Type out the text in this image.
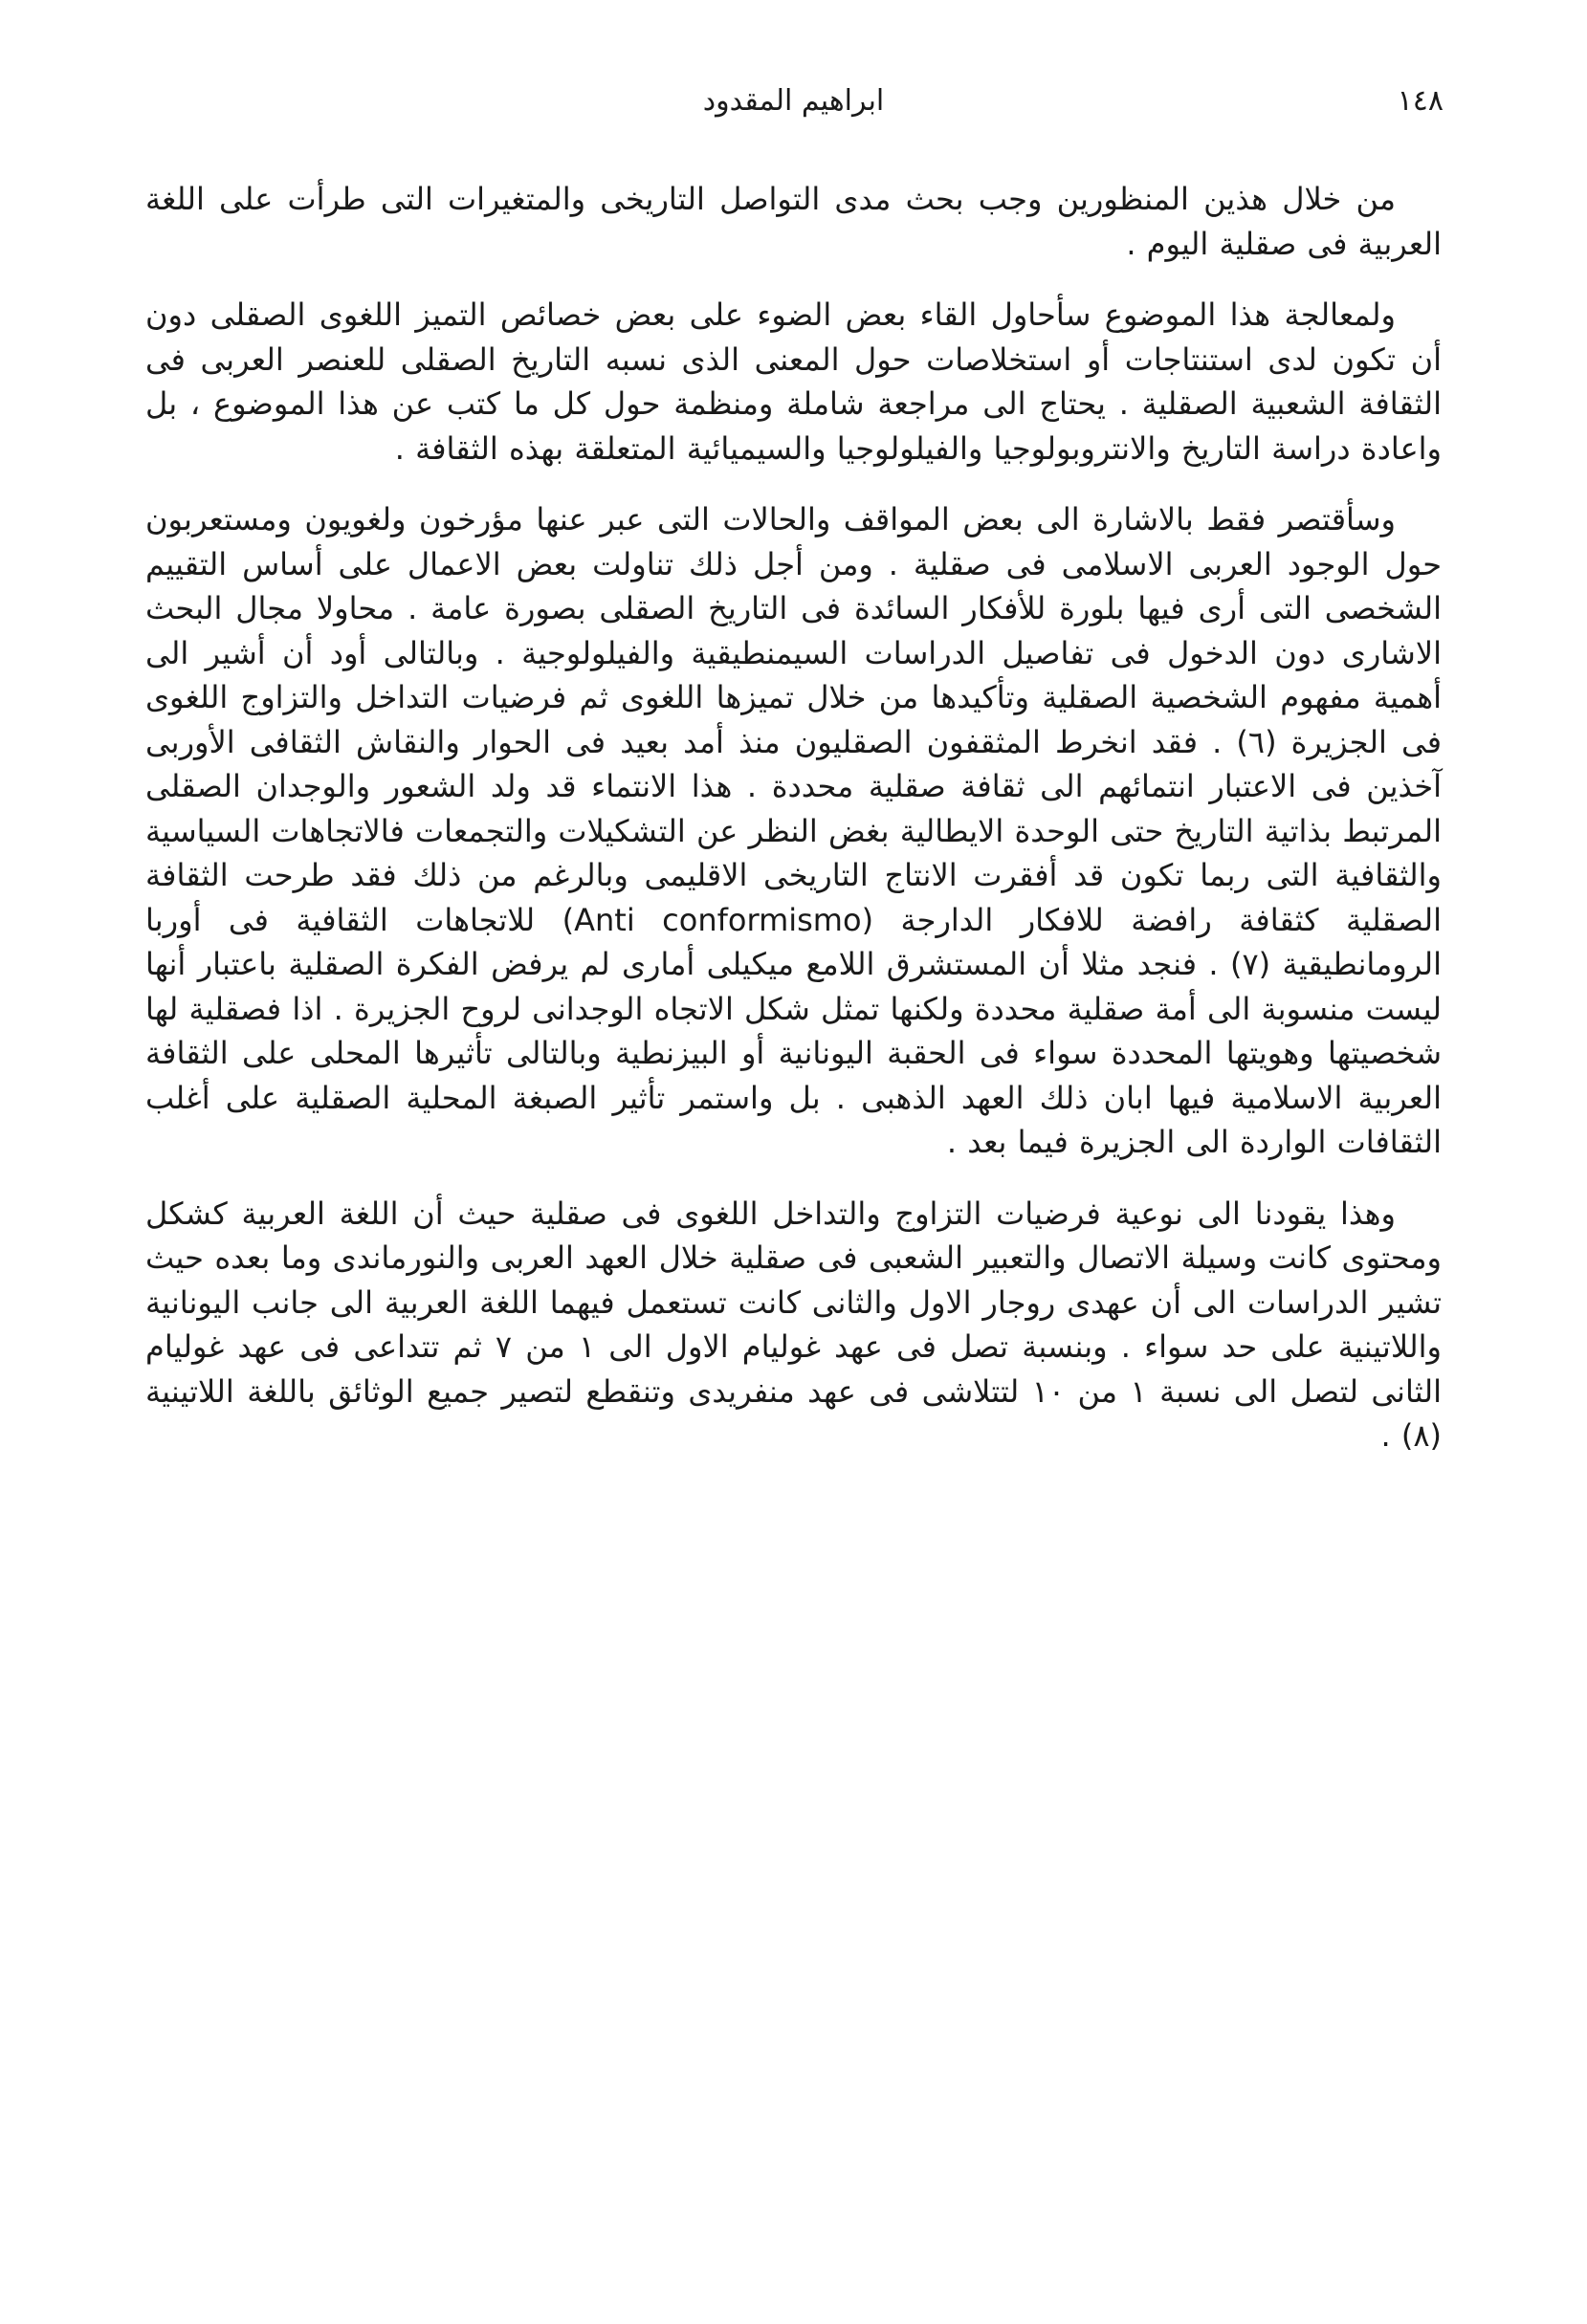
١٤٨
ابراهيم المقدود

من خلال هذين المنظورين وجب بحث مدى التواصل التاريخى والمتغيرات التى طرأت على اللغة العربية فى صقلية اليوم .

ولمعالجة هذا الموضوع سأحاول القاء بعض الضوء على بعض خصائص التميز اللغوى الصقلى دون أن تكون لدى استنتاجات أو استخلاصات حول المعنى الذى نسبه التاريخ الصقلى للعنصر العربى فى الثقافة الشعبية الصقلية . يحتاج الى مراجعة شاملة ومنظمة حول كل ما كتب عن هذا الموضوع ، بل واعادة دراسة التاريخ والانتروبولوجيا والفيلولوجيا والسيميائية المتعلقة بهذه الثقافة .

وسأقتصر فقط بالاشارة الى بعض المواقف والحالات التى عبر عنها مؤرخون ولغويون ومستعربون حول الوجود العربى الاسلامى فى صقلية . ومن أجل ذلك تناولت بعض الاعمال على أساس التقييم الشخصى التى أرى فيها بلورة للأفكار السائدة فى التاريخ الصقلى بصورة عامة . محاولا مجال البحث الاشارى دون الدخول فى تفاصيل الدراسات السيمنطيقية والفيلولوجية . وبالتالى أود أن أشير الى أهمية مفهوم الشخصية الصقلية وتأكيدها من خلال تميزها اللغوى ثم فرضيات التداخل والتزاوج اللغوى فى الجزيرة (٦) . فقد انخرط المثقفون الصقليون منذ أمد بعيد فى الحوار والنقاش الثقافى الأوربى آخذين فى الاعتبار انتمائهم الى ثقافة صقلية محددة . هذا الانتماء قد ولد الشعور والوجدان الصقلى المرتبط بذاتية التاريخ حتى الوحدة الايطالية بغض النظر عن التشكيلات والتجمعات فالاتجاهات السياسية والثقافية التى ربما تكون قد أفقرت الانتاج التاريخى الاقليمى وبالرغم من ذلك فقد طرحت الثقافة الصقلية كثقافة رافضة للافكار الدارجة (Anti conformismo) للاتجاهات الثقافية فى أوربا الرومانطيقية (٧) . فنجد مثلا أن المستشرق اللامع ميكيلى أمارى لم يرفض الفكرة الصقلية باعتبار أنها ليست منسوبة الى أمة صقلية محددة ولكنها تمثل شكل الاتجاه الوجدانى لروح الجزيرة . اذا فصقلية لها شخصيتها وهويتها المحددة سواء فى الحقبة اليونانية أو البيزنطية وبالتالى تأثيرها المحلى على الثقافة العربية الاسلامية فيها ابان ذلك العهد الذهبى . بل واستمر تأثير الصبغة المحلية الصقلية على أغلب الثقافات الواردة الى الجزيرة فيما بعد .

وهذا يقودنا الى نوعية فرضيات التزاوج والتداخل اللغوى فى صقلية حيث أن اللغة العربية كشكل ومحتوى كانت وسيلة الاتصال والتعبير الشعبى فى صقلية خلال العهد العربى والنورماندى وما بعده حيث تشير الدراسات الى أن عهدى روجار الاول والثانى كانت تستعمل فيهما اللغة العربية الى جانب اليونانية واللاتينية على حد سواء . وبنسبة تصل فى عهد غوليام الاول الى ١ من ٧ ثم تتداعى فى عهد غوليام الثانى لتصل الى نسبة ١ من ١٠ لتتلاشى فى عهد منفريدى وتنقطع لتصير جميع الوثائق باللغة اللاتينية (٨) .
